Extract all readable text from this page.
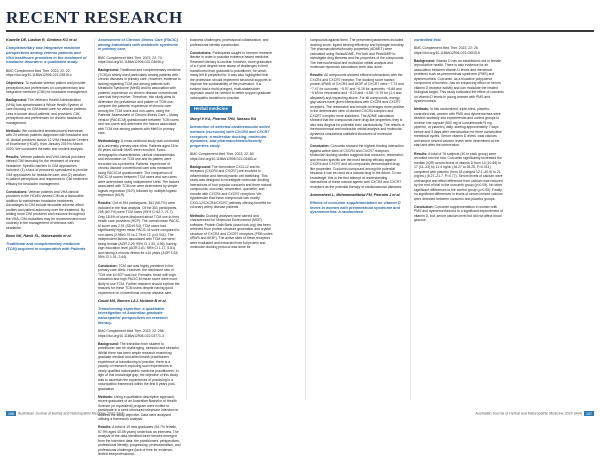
RECENT RESEARCH

Kuwelle DE, Liadow R, Gimbera KG et al.

Complementary and integrative medicine perspectives among veteran patients and VHA healthcare providers in the treatment of headache disorders: a qualitative study.

BMC Complement Med Ther. 2022; 22: 22. https://doi.org/10.1186/s12906-021-03515-x

Objectives: To evaluate veteran patient and provider perceptions and preferences on complementary and integrative medicine (CIM) for headache management.

Background: The Veterans Health Administration (VHA) has spearheaded a Whole Health System of care focusing on CIM-based care for veteran patients. Less is known about patients' and providers' CIM perceptions and preferences for chronic headache management.

Methods: We conducted semistructured interviews with 24 veteran patients diagnosed with headache and 41 clinical providers across 12 VHA Headache Centers of Excellence (HCoE), from January 2019 to March 2020. We conducted thematic and content analysis.

Results: Veteran patients and VHA clinical providers viewed CIM favorably for the treatment of chronic headache. Specific barriers to CIM approaches included: (1) a lack of personnel specialized to provide CIM approaches for headache care, and (2) variation in patient perceptions and responses to CIM treatment efficacy for headache management.

Conclusions: Veteran patients and VHA clinical providers in the HCoEs viewed CIM as a favourable addition to mainstream headache treatments. Advantages to CIM include favorable adverse effect profiles and patient autonomy over the treatment. By adding more CIM providers and resource throughout the VHA, CIM modalities may be recommended more routinely in the management of veterans with headache.

Bose NK, Ranik SL, Maheswathi et al.

Traditional and complementary medicine (TCM) acquired in cooperation with Patients

Assessment of Chronic Illness Care (PACIC) among individuals with metabolic syndrome in primary care.

BMC Complement Med Ther. 2022; 22: 74. https://doi.org/10.1186/s12906-022-03546-y

Background: Traditional and complementary medicine (TCM) is widely used particularly among patients with chronic diseases in primary care. However, evidence is lacking regarding TCM use among patients with Metabolic Syndrome (MetS) and its association with patients' experience on chronic disease conventional care that they receive. Therefore, this study aims to determine the prevalence and pattern of TCM use; compare the patients' experience of chronic care among the TCM users and non-users, using the Patients' Assessment of Chronic Illness Care – Malay version (PACIC-M) questionnaire between TCM users and non-users and determine the factors associated with TCM use among patients with MetS in primary care.

Methodology: A cross-sectional study was conducted at a university primary care clinic. Patients aged 18 to 80 years old with MetS were recruited. Socio-demographic characteristics, clinical characteristics and information on TCM use and its pattern were recorded via a proforma. Patients' experience of chronic disease conventional care was measured using PACIC-M questionnaire. The comparison of PACIC-M scores between TCM users and non-users were determined using independent t-test. The factors associated with TCM use were determined by simple logistic regression (SLR) followed by multiple logistic regression (MLR).

Results: Out of 394 participants, 361 (66.7%) were included in the final analysis. Of the 361 participants, 205 (60.7%) were TCM users (95% CI 62.7, 71.7). Only 18.6% of users disclosed about TCM use to their health care providers (HCP). The overall mean PACIC-M score was 2.91 (SD±0.94). TCM users had significantly higher mean PACIC-M score compared to non-users (2.98±0.79 vs 2.79±0.72, p=0.041). The independent factors associated with TCM use were: being female (AOR 2.29; 95% CI 1.33, 4.96), having high education level (AOR 2.61; 95% CI 1.17, 5.81) and having a chronic illness for ≥10 years (AOR 1.63; 95% CI 1.01, 2.64).

Conclusion: TCM use was highly prevalent in the primary care clinic. However, the disclosure rate of TCM use to HCP was low. Females, those with high education and high PACIC-M mean score were more likely to use TCM. Further research should explore the reasons for these TCM users despite having good experience on conventional chronic disease care.

Gould MS, Barnes LAJ, Mclamb B et al.

Transforming expertise: a qualitative investigation of Australian graduate naturopaths' perspectives on research literacy.

BMC Complement Med Ther. 2022; 22: 298. https://doi.org/10.1186/s12906-022-03771-3

Background: The transition from student to practitioner can be challenging, stressful and stressful. Whilst there has been ample research examining graduate medical and allied health practitioners experience of transitioning to practice, there is a paucity of research exploring such experiences in newly qualified naturopathic medicine practitioners. In light of this knowledge gap, the objective of this study was to ascertain the experiences of practising in a naturopathic framework within the first 5 years post-graduation.

Methods: Using a qualitative descriptive approach, recent graduates of an Australian Bachelor of Health Science (or equivalent) program were invited to participate in a semi-structured telephone interview to address the study objective. Data were analysed utilising a framework analysis.

Results: A total of 19 new graduates (94.7% female, 57.9% aged 40-59 years) undertook an interview. The analysis of the data identified three themes emerged from the interview data: the practitioners' perspectives; professional identity; progressing; professionalism; and professional challenges (lack of time for evidence; limited interprofessional...

business challenges; professional collaboration; and professional identity construction.

Conclusions: Participants sought to become research literate in order to practise evidence based medicine. Research literacy is unclear, however, more graduates of a 4 year degree were aware of challenges in their transitioned from graduate to practitioner, for which many felt ill prepared for. It was also highlighted that the profession should implement structural supports to improve the sustainability of the profession. It is evident that a multi-pronged, multi-stakeholder approach would be needed to better support graduate naturopaths transition to practice.

Herbal medicine

Munyl V KA, Pharma THN, Nassau RA

Interaction of selected cardiovascular active extracts (curcumin) with CXCR4 and CXCR7 receptors: a molecular docking, molecular dynamics, and pharmacokinetic/toxicity properties study.

BMC Complement Med Ther. 2022; 22: 80. https://doi.org/10.1186/s12906-021-03480-w

Background: The chemokine CXCL12 and its receptors (CXCR4 and CXCR7) are involved in inflammation and hemodynamic cell trafficking. This study was designed to investigate molecular docking interactions of four popular curcumin and three natural compounds: curcumin, resveratrol, quercetin, and emodin with CXCR4 and CXCR7 receptors. We hypothesize that these compounds can modify CXCL12/CXCR4/CXCR7 pathway offering benefits for coronary artery disease patients.

Methods: Docking analyses were carried and characterized for Molecular Environment (MOE) software. Protein Data Bank (www.rcsb.org) has been retrieved from protein structure generation and crystal structure of CXCR4 and CXCR7 receptors (PDB codes 4RWS and 6K3P). The active sites of these receptors were evaluated and extracted from full protein and molecular docking protocol was done for

compounds against them. The presented parameters included docking score, ligand binding efficiency and hydrogen bonding. The pharmacokinetic/toxicity properties (ADMET) were calculated using SwissADME, ProToxII and PkcsSMIR to investigate drug likeness and the properties of the compounds. The thermochemical and molecular orbital analysis and molecular dynamics simulations were also done.

Results: All compounds showed efficient interactions with the CXCR4 and CXCR7 receptor. The docking score toward protein 4RWS of CXCR4 and 6K3P of CXCR7 were −7.73 and −7.47 for curcumin, −5.97 and −6.19 for quercetin, −5.66 and −5.65 for resveratrol and −5.23 and −4.98, −5.79 for (1,4 and alkylated)-aryl-inspecting above. For all compounds, energy gap values have given interactions with CXCR4 and CXCR7 receptors. The resveratrol and emodin leverages more positive in the determinant view of docked CXCR4 complex and CXCR7 complex more stabilized. The ADME calculation showed that the compounds have drug-like properties; they is also less illogical for potential toxic cardiotoxicity. The results of thermochemical and molecular orbital analysis and molecular dynamics simulations validated structures of molecular docking.

Conclusion: Curcumin showed the highest binding interaction against active sites of CXCR4 and CXCR7 receptors. Molecular docking studies suggests that curcumin, resveratrol, and emodin specific are the most binding efficacy against CXCR4 and CXCR7 and all compounds demonstrated drug-like properties. Curcumin compound among the potential because it can be used as a natural drug in the future. To our knowledge, this is the first attempt at understanding interactions of these natural agents with CXCR4 and CXCR7 receptors as the potential therapy of cardiovascular diseases.

Ameeraheel L, Mohammadibeld FM, Peeraim J et al.

Effects of curcumin supplementation on vitamin D levels in women with premenstrual syndrome and dysmenorrhea: a randomized

controlled trial.

BMC Complement Med Ther. 2022; 22: 26. https://doi.org/10.1186/s12906-022-03515-6

Background: Vitamin D has an established role in female reproductive health. There is also evidence for an association between vitamin D levels and menstrual problems such as premenstrual syndrome (PMS) and dysmenorrhea. Curcumin, as a bioactive polyphenol component of turmeric, has an enhancing effect on serum vitamin D receptor activity and can modulate the related biological target. This study evaluated the effect of curcumin on vitamin D levels in young women with PMS and dysmenorrhea.

Methods: In this randomized, triple-blind, placebo-controlled trial, women with PMS and dysmenorrhea were divided randomly into experimental and control groups to receive one capsule (500 mg of curcuminoids+5 mg piperine, or placebo) daily, starting approximately 7 days before and 3 days after menstruation for three consecutive menstrual cycles. Serum vitamin D levels, total calcium, and serum ionized calcium levels were determined at the start and after the intervention.

Results: A total of 76 subjects (40 in each group) were recruited into the trial. Curcumin significantly increased the median (IQR) serum levels of vitamin D from 14 (10.65) to 17 (11–13) by 11.4 ng/dL (16.27 to 28.25, P=0.011), compared with placebo (from 18 (ranged 12.1–20.9) to 21 (ng/mL) (5.27–21.7, P=0.77). Serum levels of calcium were unchanged and effect difference from calcium was reduced by the end of trial in the curcumin group (p<0.05). No other significant differences in the control group (p>0.05). Finally, no significant differences in levels of serum ionized calcium were detected between curcumin and placebo groups.

Conclusion: Curcumin supplementation in women with PMS and dysmenorrhea led to a significant improvement of vitamin D, but, serum calcium level but did not affect blood glucose.

156 Australian Journal of Herbal and Naturopathic Medicine 2022 34(4)	Australian Journal of Herbal and Naturopathic Medicine 2022 34(4) 157
